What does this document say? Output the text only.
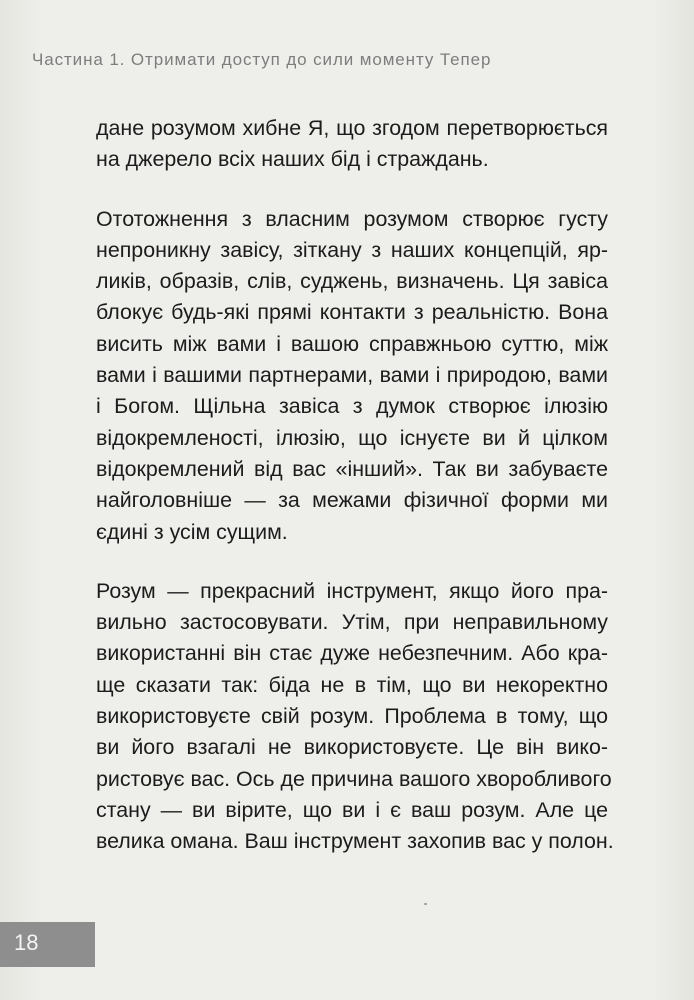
Частина 1. Отримати доступ до сили моменту Тепер

дане розумом хибне Я, що згодом перетворюється
на джерело всіх наших бід і страждань.

Ототожнення з власним розумом створює густу
непроникну завісу, зіткану з наших концепцій, яр-
ликів, образів, слів, суджень, визначень. Ця завіса
блокує будь-які прямі контакти з реальністю. Вона
висить між вами і вашою справжньою суттю, між
вами і вашими партнерами, вами і природою, вами
і Богом. Щільна завіса з думок створює ілюзію
відокремленості, ілюзію, що існуєте ви й цілком
відокремлений від вас «інший». Так ви забуваєте
найголовніше — за межами фізичної форми ми
єдині з усім сущим.

Розум — прекрасний інструмент, якщо його пра-
вильно застосовувати. Утім, при неправильному
використанні він стає дуже небезпечним. Або кра-
ще сказати так: біда не в тім, що ви некоректно
використовуєте свій розум. Проблема в тому, що
ви його взагалі не використовуєте. Це він вико-
ристовує вас. Ось де причина вашого хворобливого
стану — ви вірите, що ви і є ваш розум. Але це
велика омана. Ваш інструмент захопив вас у полон.

18
